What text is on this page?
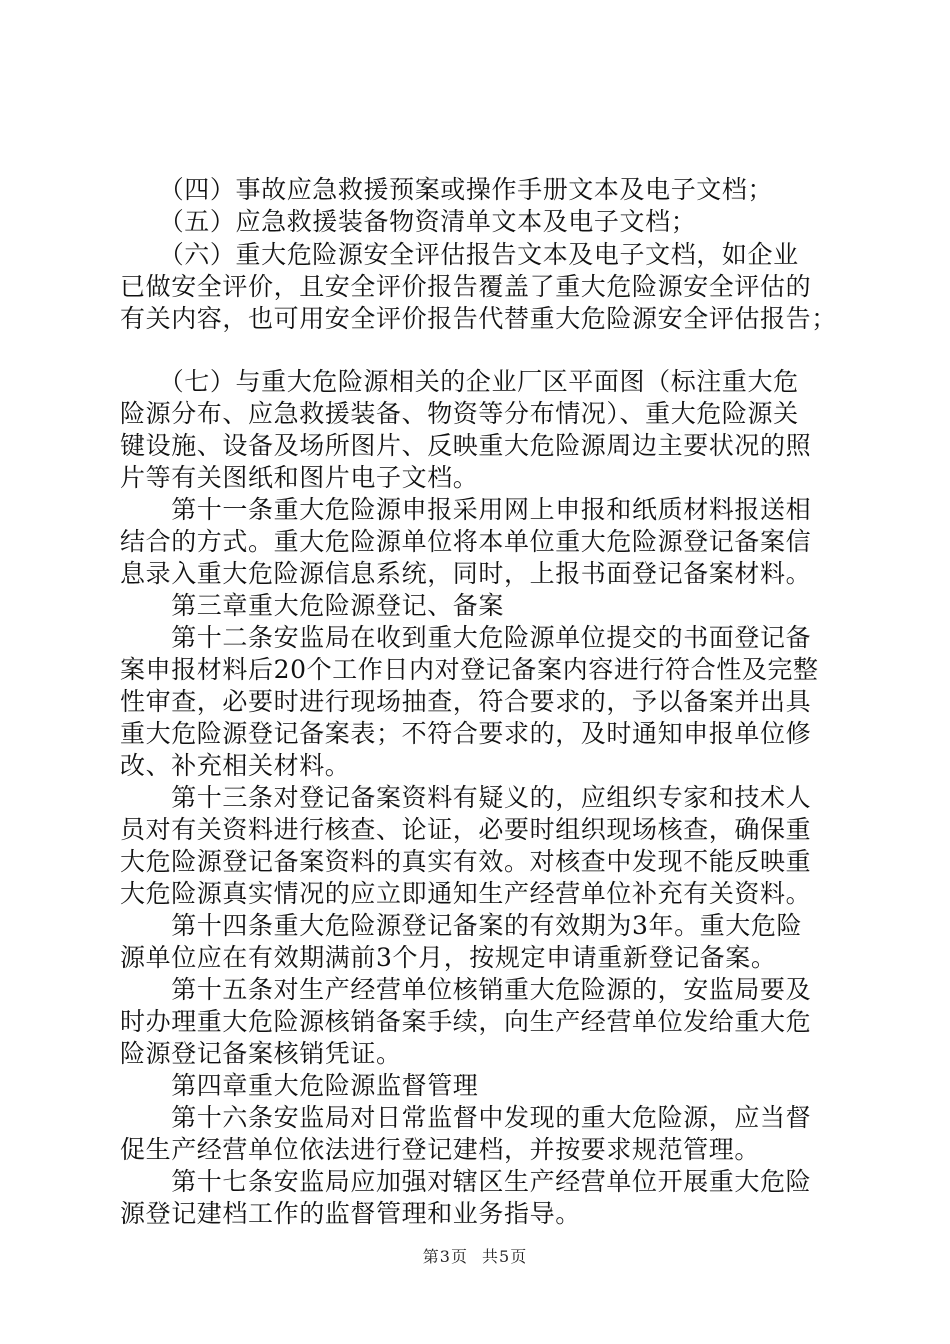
　　（四）事故应急救援预案或操作手册文本及电子文档；
　　（五）应急救援装备物资清单文本及电子文档；
　　（六）重大危险源安全评估报告文本及电子文档，如企业
已做安全评价，且安全评价报告覆盖了重大危险源安全评估的
有关内容，也可用安全评价报告代替重大危险源安全评估报告；
　　（七）与重大危险源相关的企业厂区平面图（标注重大危
险源分布、应急救援装备、物资等分布情况）、重大危险源关
键设施、设备及场所图片、反映重大危险源周边主要状况的照
片等有关图纸和图片电子文档。
　　第十一条重大危险源申报采用网上申报和纸质材料报送相
结合的方式。重大危险源单位将本单位重大危险源登记备案信
息录入重大危险源信息系统，同时，上报书面登记备案材料。
　　第三章重大危险源登记、备案
　　第十二条安监局在收到重大危险源单位提交的书面登记备
案申报材料后20个工作日内对登记备案内容进行符合性及完整
性审查，必要时进行现场抽查，符合要求的，予以备案并出具
重大危险源登记备案表；不符合要求的，及时通知申报单位修
改、补充相关材料。
　　第十三条对登记备案资料有疑义的，应组织专家和技术人
员对有关资料进行核查、论证，必要时组织现场核查，确保重
大危险源登记备案资料的真实有效。对核查中发现不能反映重
大危险源真实情况的应立即通知生产经营单位补充有关资料。
　　第十四条重大危险源登记备案的有效期为3年。重大危险
源单位应在有效期满前3个月，按规定申请重新登记备案。
　　第十五条对生产经营单位核销重大危险源的，安监局要及
时办理重大危险源核销备案手续，向生产经营单位发给重大危
险源登记备案核销凭证。
　　第四章重大危险源监督管理
　　第十六条安监局对日常监督中发现的重大危险源，应当督
促生产经营单位依法进行登记建档，并按要求规范管理。
　　第十七条安监局应加强对辖区生产经营单位开展重大危险
源登记建档工作的监督管理和业务指导。
第3页 共5页
